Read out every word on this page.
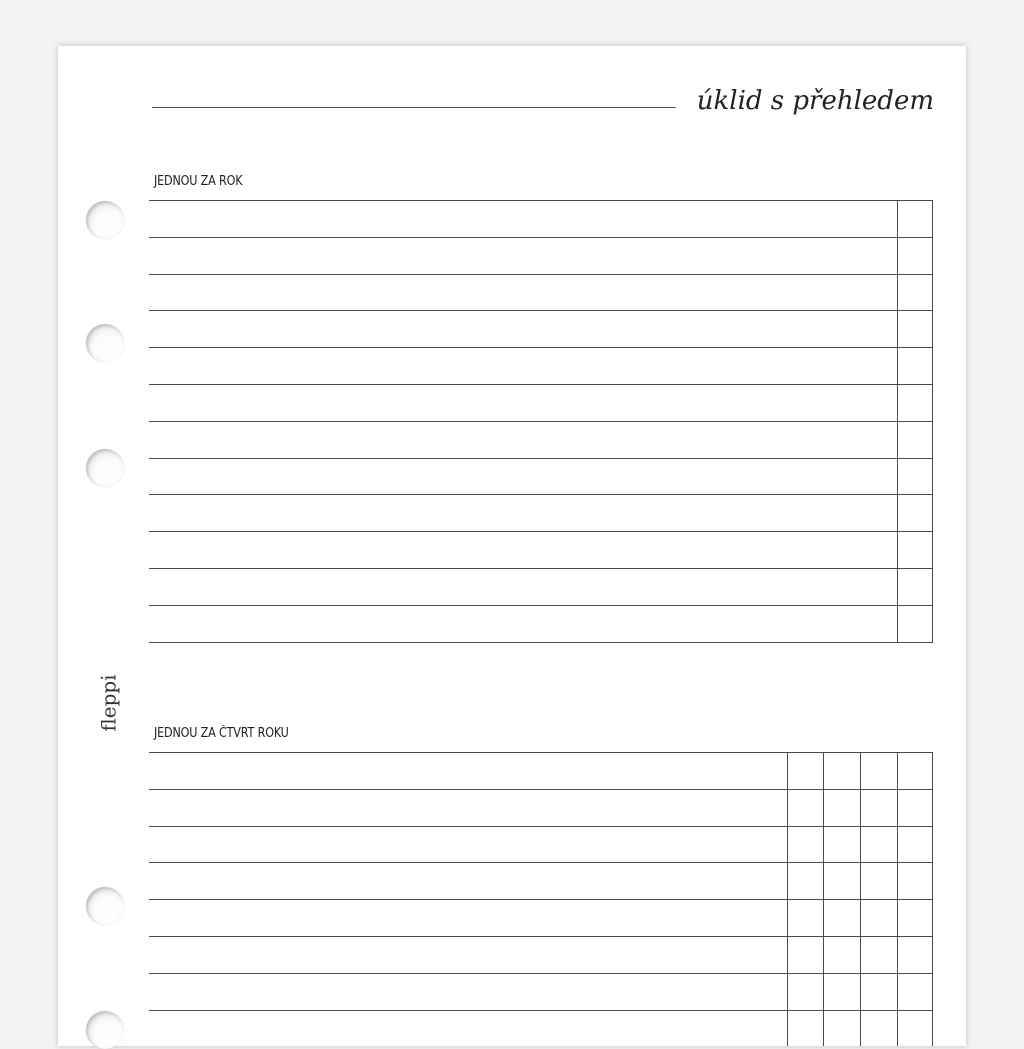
úklid s přehledem
JEDNOU ZA ROK
JEDNOU ZA ČTVRT ROKU
fleppi
